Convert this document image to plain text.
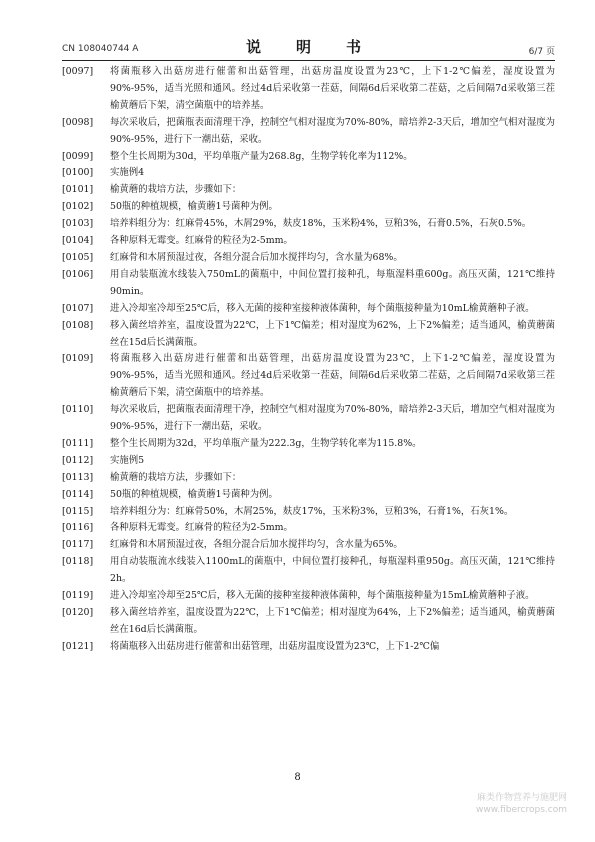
CN 108040744 A	说　明　书	6/7 页
[0097]	将菌瓶移入出菇房进行催蕾和出菇管理，出菇房温度设置为23℃，上下1-2℃偏差，湿度设置为90%-95%，适当光照和通风。经过4d后采收第一茬菇，间隔6d后采收第二茬菇，之后间隔7d采收第三茬榆黄蘑后下架，清空菌瓶中的培养基。
[0098]	每次采收后，把菌瓶表面清理干净，控制空气相对湿度为70%-80%，暗培养2-3天后，增加空气相对湿度为90%-95%，进行下一潮出菇，采收。
[0099]	整个生长周期为30d，平均单瓶产量为268.8g，生物学转化率为112%。
[0100]	实施例4
[0101]	榆黄蘑的栽培方法，步骤如下：
[0102]	50瓶的种植规模，榆黄蘑1号菌种为例。
[0103]	培养料组分为：红麻骨45%，木屑29%，麸皮18%，玉米粉4%，豆粕3%，石膏0.5%，石灰0.5%。
[0104]	各种原料无霉变。红麻骨的粒径为2-5mm。
[0105]	红麻骨和木屑预湿过夜，各组分混合后加水搅拌均匀，含水量为68%。
[0106]	用自动装瓶流水线装入750mL的菌瓶中，中间位置打接种孔，每瓶湿料重600g。高压灭菌，121℃维持90min。
[0107]	进入冷却室冷却至25℃后，移入无菌的接种室接种液体菌种，每个菌瓶接种量为10mL榆黄蘑种子液。
[0108]	移入菌丝培养室，温度设置为22℃，上下1℃偏差；相对湿度为62%，上下2%偏差；适当通风，榆黄蘑菌丝在15d后长满菌瓶。
[0109]	将菌瓶移入出菇房进行催蕾和出菇管理，出菇房温度设置为23℃，上下1-2℃偏差，湿度设置为90%-95%，适当光照和通风。经过4d后采收第一茬菇，间隔6d后采收第二茬菇，之后间隔7d采收第三茬榆黄蘑后下架，清空菌瓶中的培养基。
[0110]	每次采收后，把菌瓶表面清理干净，控制空气相对湿度为70%-80%，暗培养2-3天后，增加空气相对湿度为90%-95%，进行下一潮出菇，采收。
[0111]	整个生长周期为32d，平均单瓶产量为222.3g，生物学转化率为115.8%。
[0112]	实施例5
[0113]	榆黄蘑的栽培方法，步骤如下：
[0114]	50瓶的种植规模，榆黄蘑1号菌种为例。
[0115]	培养料组分为：红麻骨50%，木屑25%，麸皮17%，玉米粉3%，豆粕3%，石膏1%，石灰1%。
[0116]	各种原料无霉变。红麻骨的粒径为2-5mm。
[0117]	红麻骨和木屑预湿过夜，各组分混合后加水搅拌均匀，含水量为65%。
[0118]	用自动装瓶流水线装入1100mL的菌瓶中，中间位置打接种孔，每瓶湿料重950g。高压灭菌，121℃维持2h。
[0119]	进入冷却室冷却至25℃后，移入无菌的接种室接种液体菌种，每个菌瓶接种量为15mL榆黄蘑种子液。
[0120]	移入菌丝培养室，温度设置为22℃，上下1℃偏差；相对湿度为64%，上下2%偏差；适当通风，榆黄蘑菌丝在16d后长满菌瓶。
[0121]	将菌瓶移入出菇房进行催蕾和出菇管理，出菇房温度设置为23℃，上下1-2℃偏
8
麻类作物营养与施肥网
www.fibercrops.com
